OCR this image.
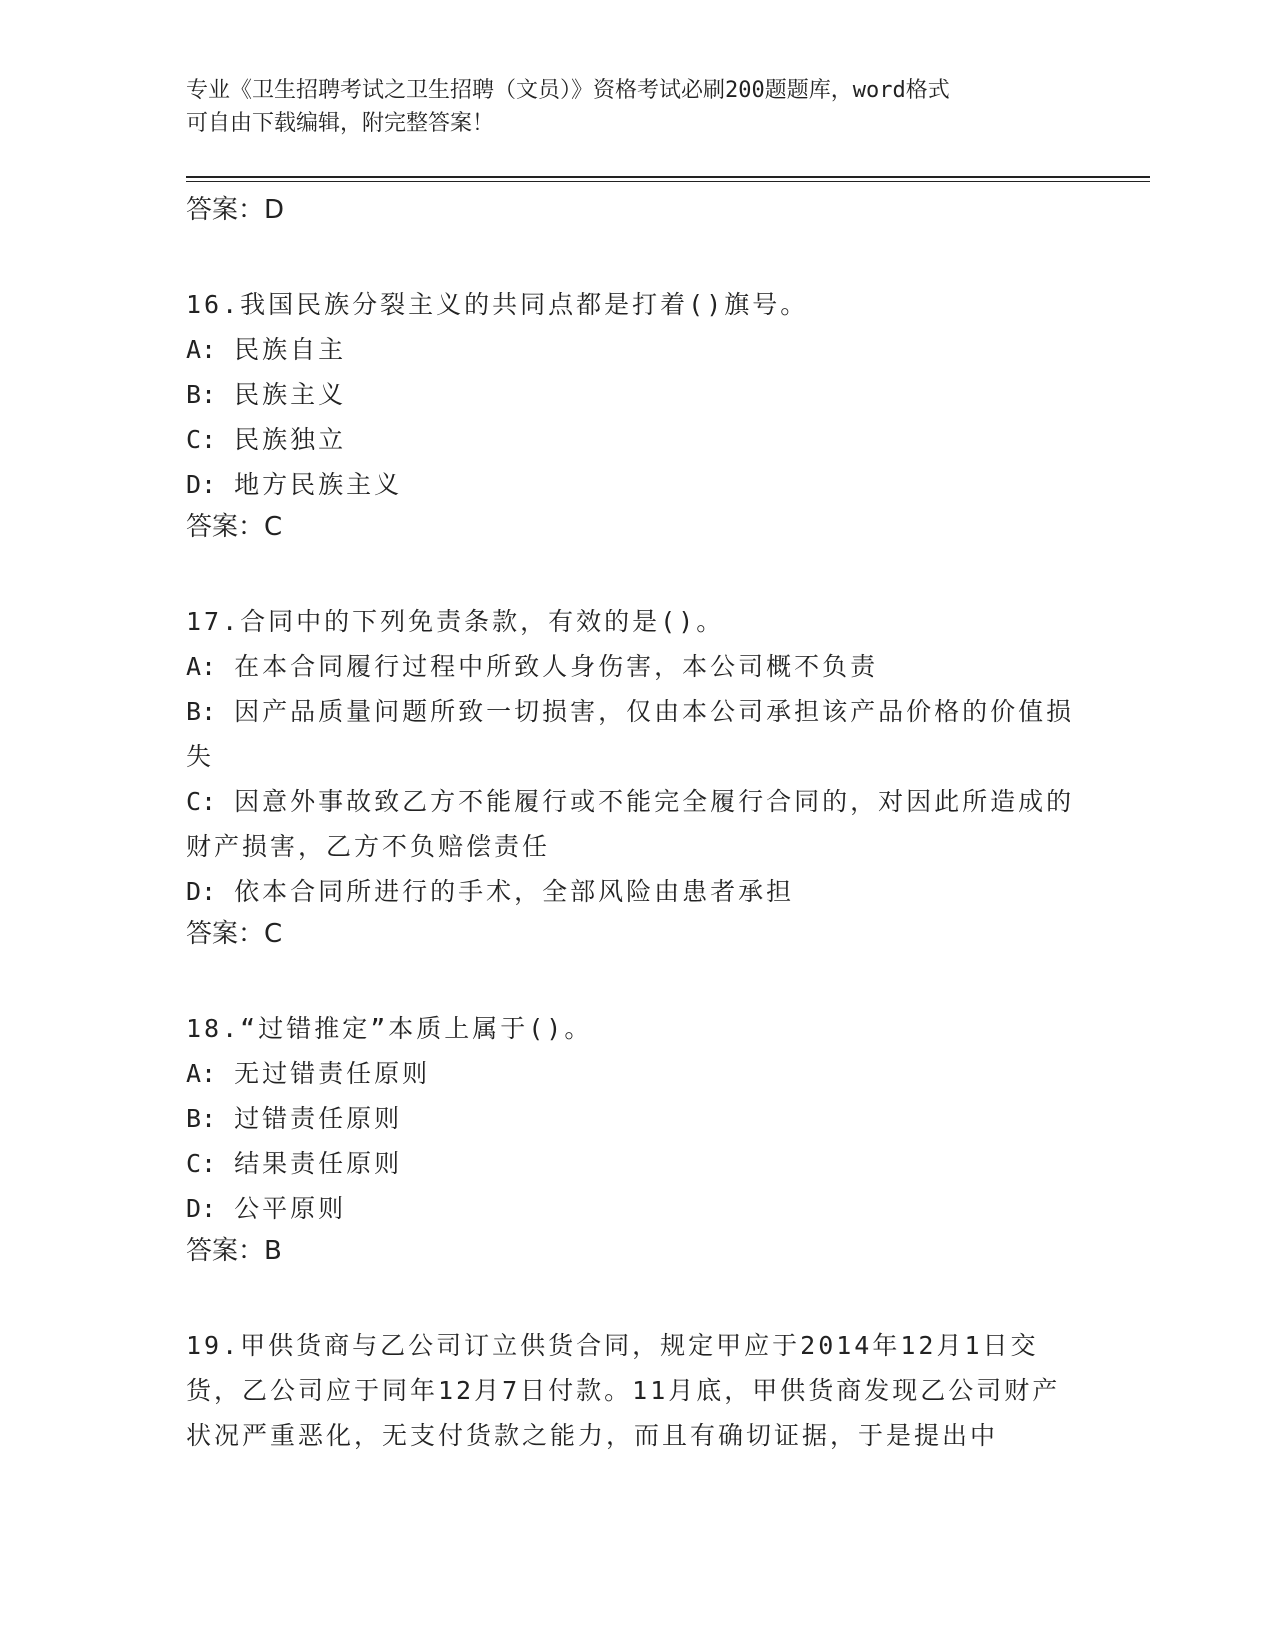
专业《卫生招聘考试之卫生招聘（文员）》资格考试必刷200题题库，word格式
可自由下载编辑，附完整答案！

答案：D

16.我国民族分裂主义的共同点都是打着()旗号。

A: 民族自主

B: 民族主义

C: 民族独立

D: 地方民族主义

答案：C

17.合同中的下列免责条款，有效的是()。

A: 在本合同履行过程中所致人身伤害，本公司概不负责

B: 因产品质量问题所致一切损害，仅由本公司承担该产品价格的价值损失

C: 因意外事故致乙方不能履行或不能完全履行合同的，对因此所造成的财产损害，乙方不负赔偿责任

D: 依本合同所进行的手术，全部风险由患者承担

答案：C

18.“过错推定”本质上属于()。

A: 无过错责任原则

B: 过错责任原则

C: 结果责任原则

D: 公平原则

答案：B

19.甲供货商与乙公司订立供货合同，规定甲应于2014年12月1日交货，乙公司应于同年12月7日付款。11月底，甲供货商发现乙公司财产状况严重恶化，无支付货款之能力，而且有确切证据，于是提出中
